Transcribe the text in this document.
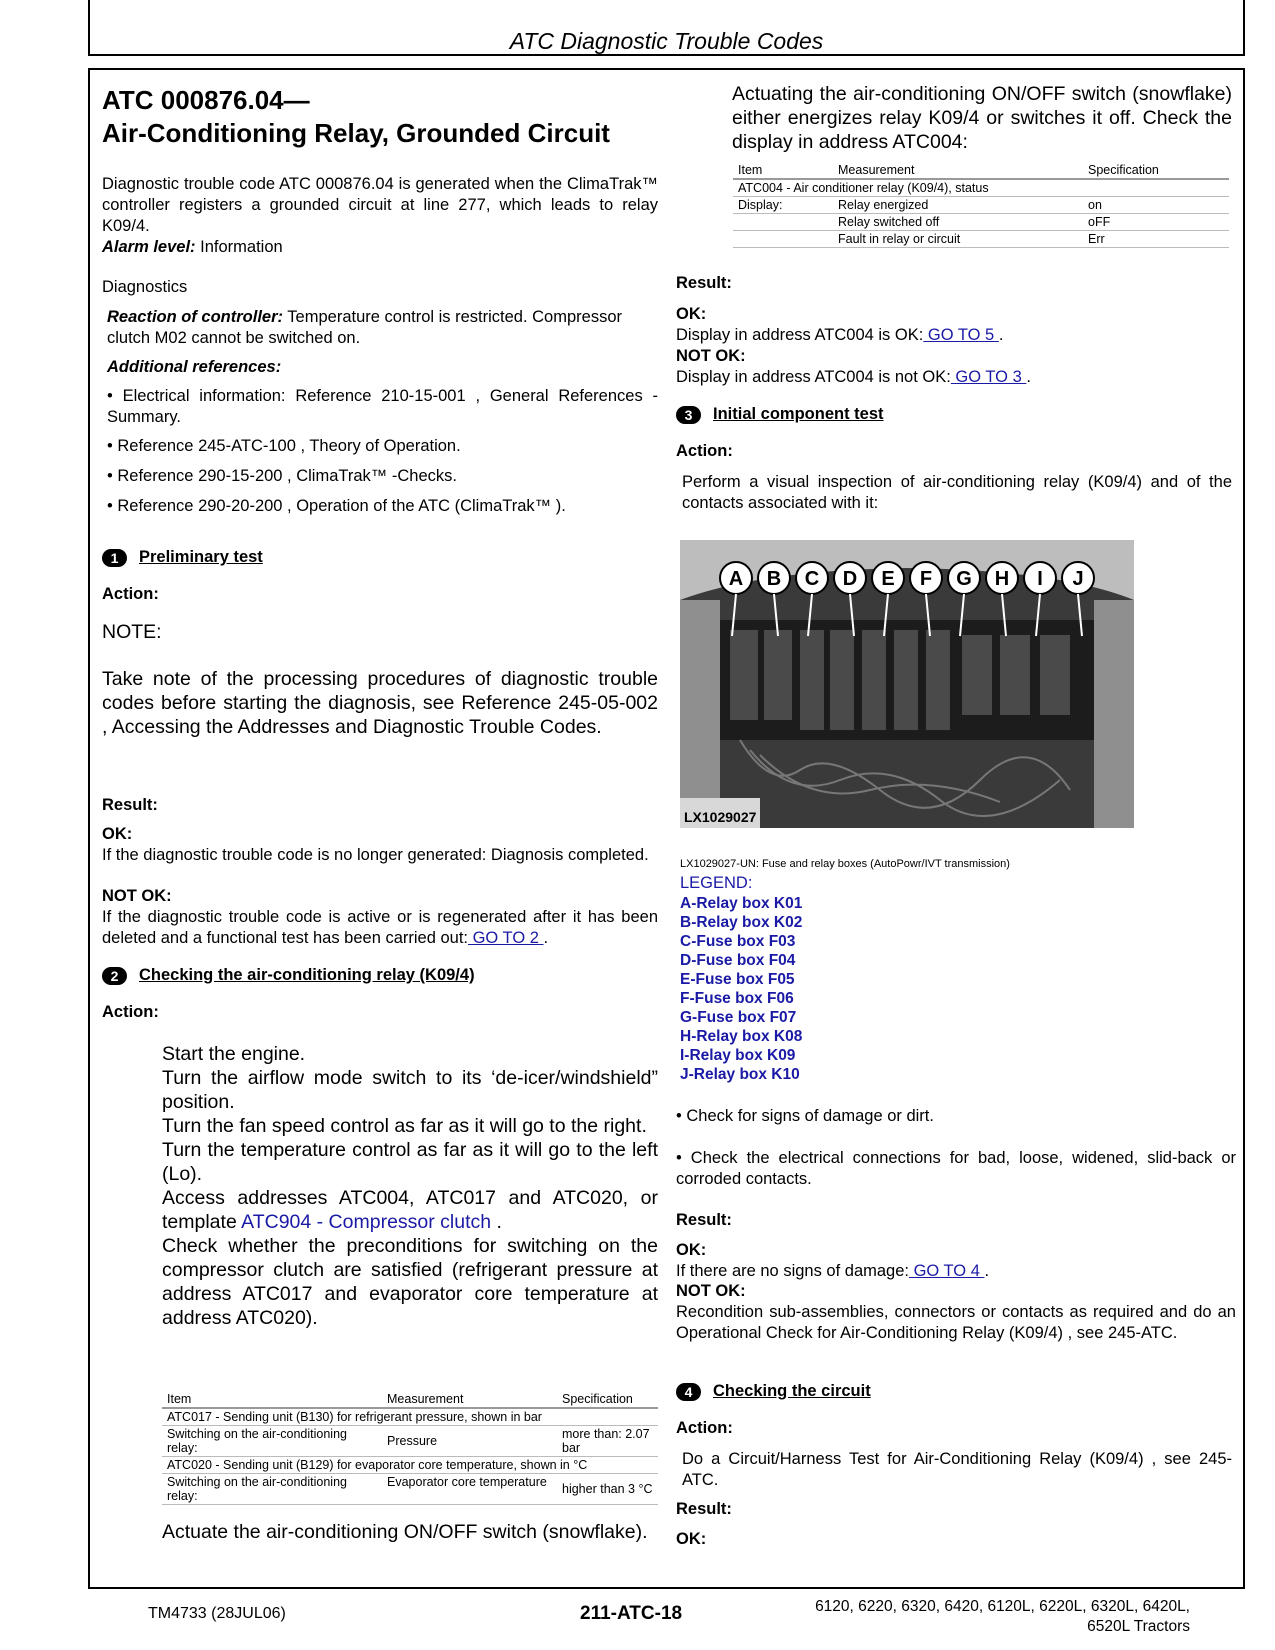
ATC Diagnostic Trouble Codes
ATC 000876.04—
Air-Conditioning Relay, Grounded Circuit
Diagnostic trouble code ATC 000876.04 is generated when the ClimaTrak™ controller registers a grounded circuit at line 277, which leads to relay K09/4.
Alarm level: Information
Diagnostics
Reaction of controller: Temperature control is restricted. Compressor clutch M02 cannot be switched on.
Additional references:
• Electrical information: Reference 210-15-001 , General References - Summary.
• Reference 245-ATC-100 , Theory of Operation.
• Reference 290-15-200 , ClimaTrak™ -Checks.
• Reference 290-20-200 , Operation of the ATC (ClimaTrak™ ).
1	Preliminary test
Action:
NOTE:
Take note of the processing procedures of diagnostic trouble codes before starting the diagnosis, see Reference 245-05-002 , Accessing the Addresses and Diagnostic Trouble Codes.
Result:
OK:
If the diagnostic trouble code is no longer generated: Diagnosis completed.
NOT OK:
If the diagnostic trouble code is active or is regenerated after it has been deleted and a functional test has been carried out: GO TO 2 .
2	Checking the air-conditioning relay (K09/4)
Action:
Start the engine.
Turn the airflow mode switch to its ‘de-icer/windshield” position.
Turn the fan speed control as far as it will go to the right.
Turn the temperature control as far as it will go to the left (Lo).
Access addresses ATC004, ATC017 and ATC020, or template ATC904 - Compressor clutch .
Check whether the preconditions for switching on the compressor clutch are satisfied (refrigerant pressure at address ATC017 and evaporator core temperature at address ATC020).
Item	Measurement	Specification
ATC017 - Sending unit (B130) for refrigerant pressure, shown in bar		
Switching on the air-conditioning relay:	Pressure	more than: 2.07 bar
ATC020 - Sending unit (B129) for evaporator core temperature, shown in °C		
Switching on the air-conditioning relay:	Evaporator core temperature	higher than 3 °C
Actuate the air-conditioning ON/OFF switch (snowflake).
Actuating the air-conditioning ON/OFF switch (snowflake) either energizes relay K09/4 or switches it off. Check the display in address ATC004:
Item	Measurement	Specification
ATC004 - Air conditioner relay (K09/4), status		
Display:	Relay energized	on
	Relay switched off	oFF
	Fault in relay or circuit	Err
Result:
OK:
Display in address ATC004 is OK: GO TO 5 .
NOT OK:
Display in address ATC004 is not OK: GO TO 3 .
3	Initial component test
Action:
Perform a visual inspection of air-conditioning relay (K09/4) and of the contacts associated with it:
A B C D E F G H I J
LX1029027
LX1029027-UN: Fuse and relay boxes (AutoPowr/IVT transmission)
LEGEND:
A-Relay box K01
B-Relay box K02
C-Fuse box F03
D-Fuse box F04
E-Fuse box F05
F-Fuse box F06
G-Fuse box F07
H-Relay box K08
I-Relay box K09
J-Relay box K10
• Check for signs of damage or dirt.
• Check the electrical connections for bad, loose, widened, slid-back or corroded contacts.
Result:
OK:
If there are no signs of damage: GO TO 4 .
NOT OK:
Recondition sub-assemblies, connectors or contacts as required and do an Operational Check for Air-Conditioning Relay (K09/4) , see 245-ATC.
4	Checking the circuit
Action:
Do a Circuit/Harness Test for Air-Conditioning Relay (K09/4) , see 245-ATC.
Result:
OK:
TM4733 (28JUL06)	211-ATC-18	6120, 6220, 6320, 6420, 6120L, 6220L, 6320L, 6420L,
6520L Tractors
